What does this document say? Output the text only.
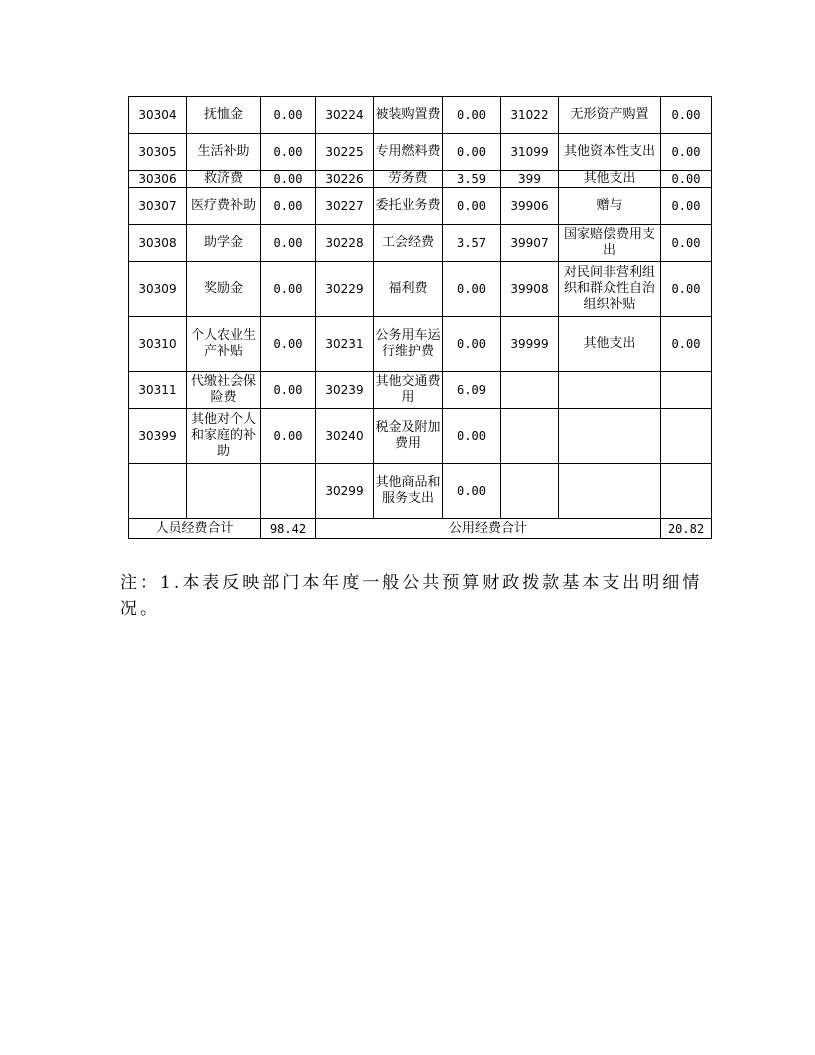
30304	抚恤金	0.00	30224	被装购置费	0.00	31022	无形资产购置	0.00
30305	生活补助	0.00	30225	专用燃料费	0.00	31099	其他资本性支出	0.00
30306	救济费	0.00	30226	劳务费	3.59	399	其他支出	0.00
30307	医疗费补助	0.00	30227	委托业务费	0.00	39906	赠与	0.00
30308	助学金	0.00	30228	工会经费	3.57	39907	国家赔偿费用支出	0.00
30309	奖励金	0.00	30229	福利费	0.00	39908	对民间非营利组织和群众性自治组织补贴	0.00
30310	个人农业生产补贴	0.00	30231	公务用车运行维护费	0.00	39999	其他支出	0.00
30311	代缴社会保险费	0.00	30239	其他交通费用	6.09			
30399	其他对个人和家庭的补助	0.00	30240	税金及附加费用	0.00			
			30299	其他商品和服务支出	0.00			
人员经费合计		98.42	公用经费合计					20.82
注：1.本表反映部门本年度一般公共预算财政拨款基本支出明细情况。
